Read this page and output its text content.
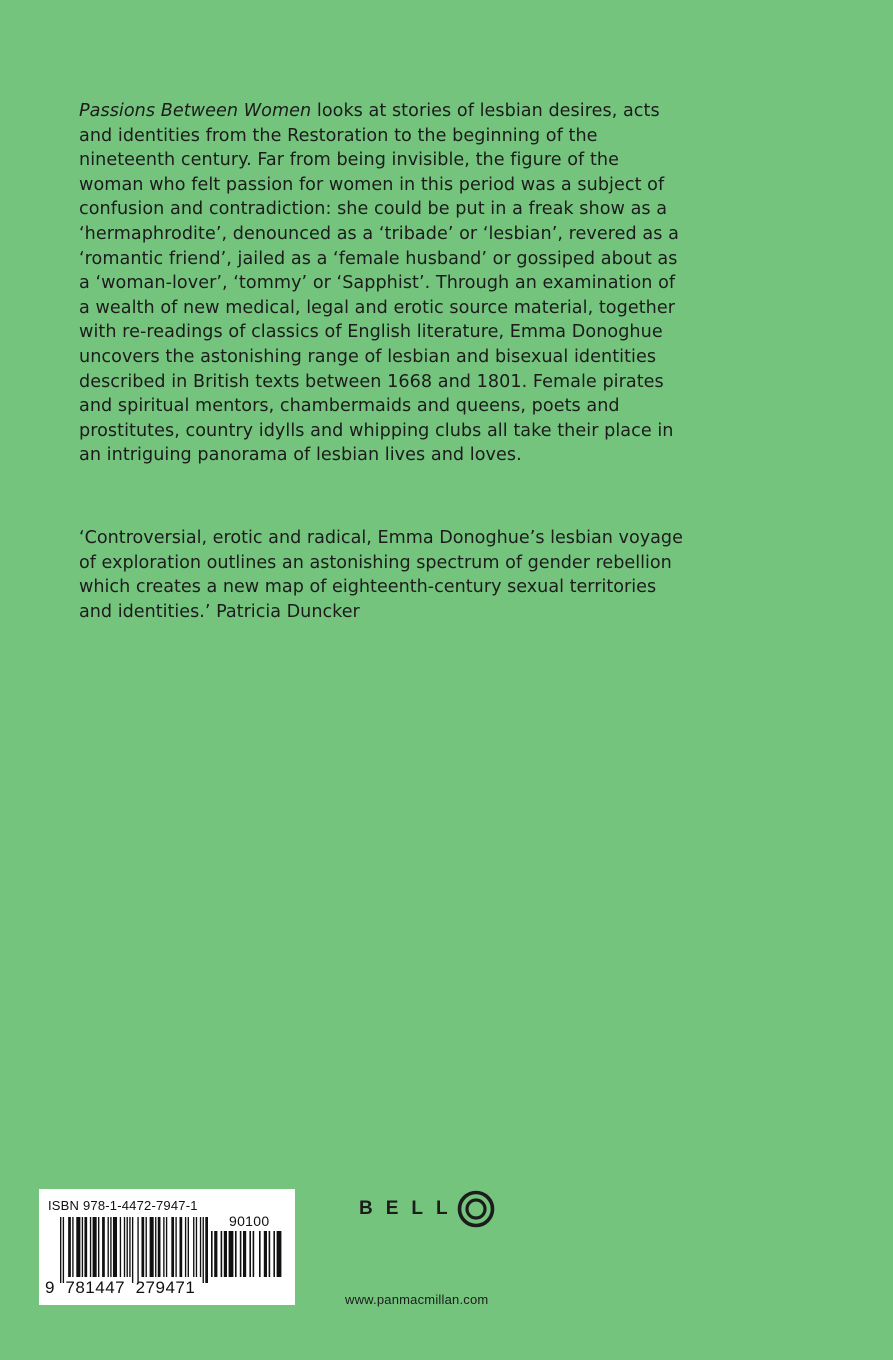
Passions Between Women looks at stories of lesbian desires, acts and identities from the Restoration to the beginning of the nineteenth century. Far from being invisible, the figure of the woman who felt passion for women in this period was a subject of confusion and contradiction: she could be put in a freak show as a ‘hermaphrodite’, denounced as a ‘tribade’ or ‘lesbian’, revered as a ‘romantic friend’, jailed as a ‘female husband’ or gossiped about as a ‘woman-lover’, ‘tommy’ or ‘Sapphist’. Through an examination of a wealth of new medical, legal and erotic source material, together with re-readings of classics of English literature, Emma Donoghue uncovers the astonishing range of lesbian and bisexual identities described in British texts between 1668 and 1801. Female pirates and spiritual mentors, chambermaids and queens, poets and prostitutes, country idylls and whipping clubs all take their place in an intriguing panorama of lesbian lives and loves.

‘Controversial, erotic and radical, Emma Donoghue’s lesbian voyage of exploration outlines an astonishing spectrum of gender rebellion which creates a new map of eighteenth-century sexual territories and identities.’ Patricia Duncker

ISBN 978-1-4472-7947-1
90100
9  781447  279471
BELL
www.panmacmillan.com
